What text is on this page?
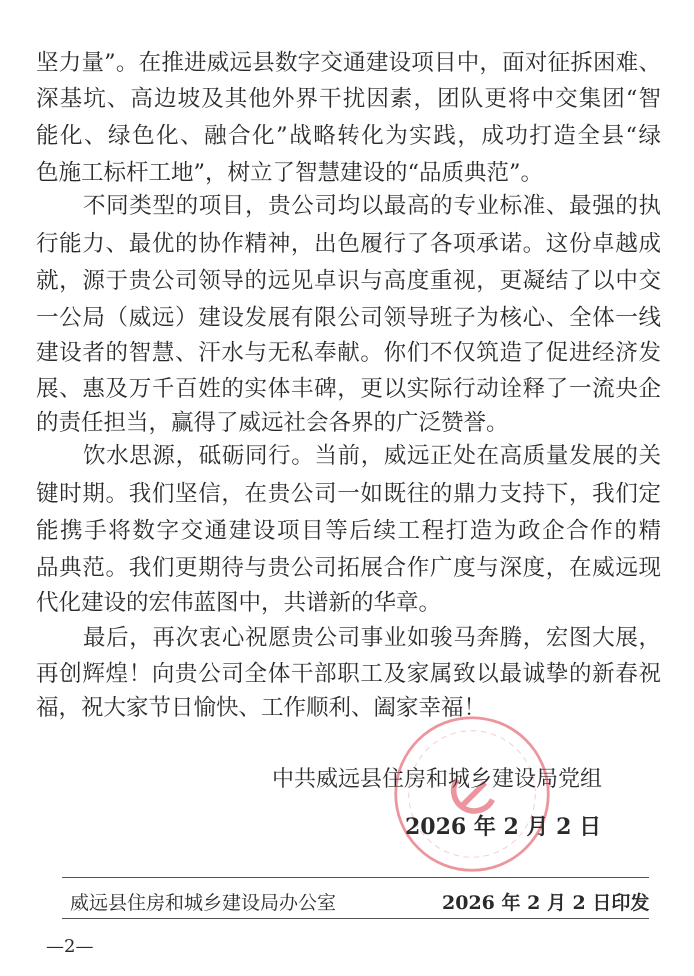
坚力量”。在推进威远县数字交通建设项目中，面对征拆困难、
深基坑、高边坡及其他外界干扰因素，团队更将中交集团“智
能化、绿色化、融合化”战略转化为实践，成功打造全县“绿
色施工标杆工地”，树立了智慧建设的“品质典范”。
不同类型的项目，贵公司均以最高的专业标准、最强的执
行能力、最优的协作精神，出色履行了各项承诺。这份卓越成
就，源于贵公司领导的远见卓识与高度重视，更凝结了以中交
一公局（威远）建设发展有限公司领导班子为核心、全体一线
建设者的智慧、汗水与无私奉献。你们不仅筑造了促进经济发
展、惠及万千百姓的实体丰碑，更以实际行动诠释了一流央企
的责任担当，赢得了威远社会各界的广泛赞誉。
饮水思源，砥砺同行。当前，威远正处在高质量发展的关
键时期。我们坚信，在贵公司一如既往的鼎力支持下，我们定
能携手将数字交通建设项目等后续工程打造为政企合作的精
品典范。我们更期待与贵公司拓展合作广度与深度，在威远现
代化建设的宏伟蓝图中，共谱新的华章。
最后，再次衷心祝愿贵公司事业如骏马奔腾，宏图大展，
再创辉煌！向贵公司全体干部职工及家属致以最诚挚的新春祝
福，祝大家节日愉快、工作顺利、阖家幸福！
中共威远县住房和城乡建设局党组
2026 年 2 月 2 日
威远县住房和城乡建设局办公室	2026 年 2 月 2 日印发
—2—
